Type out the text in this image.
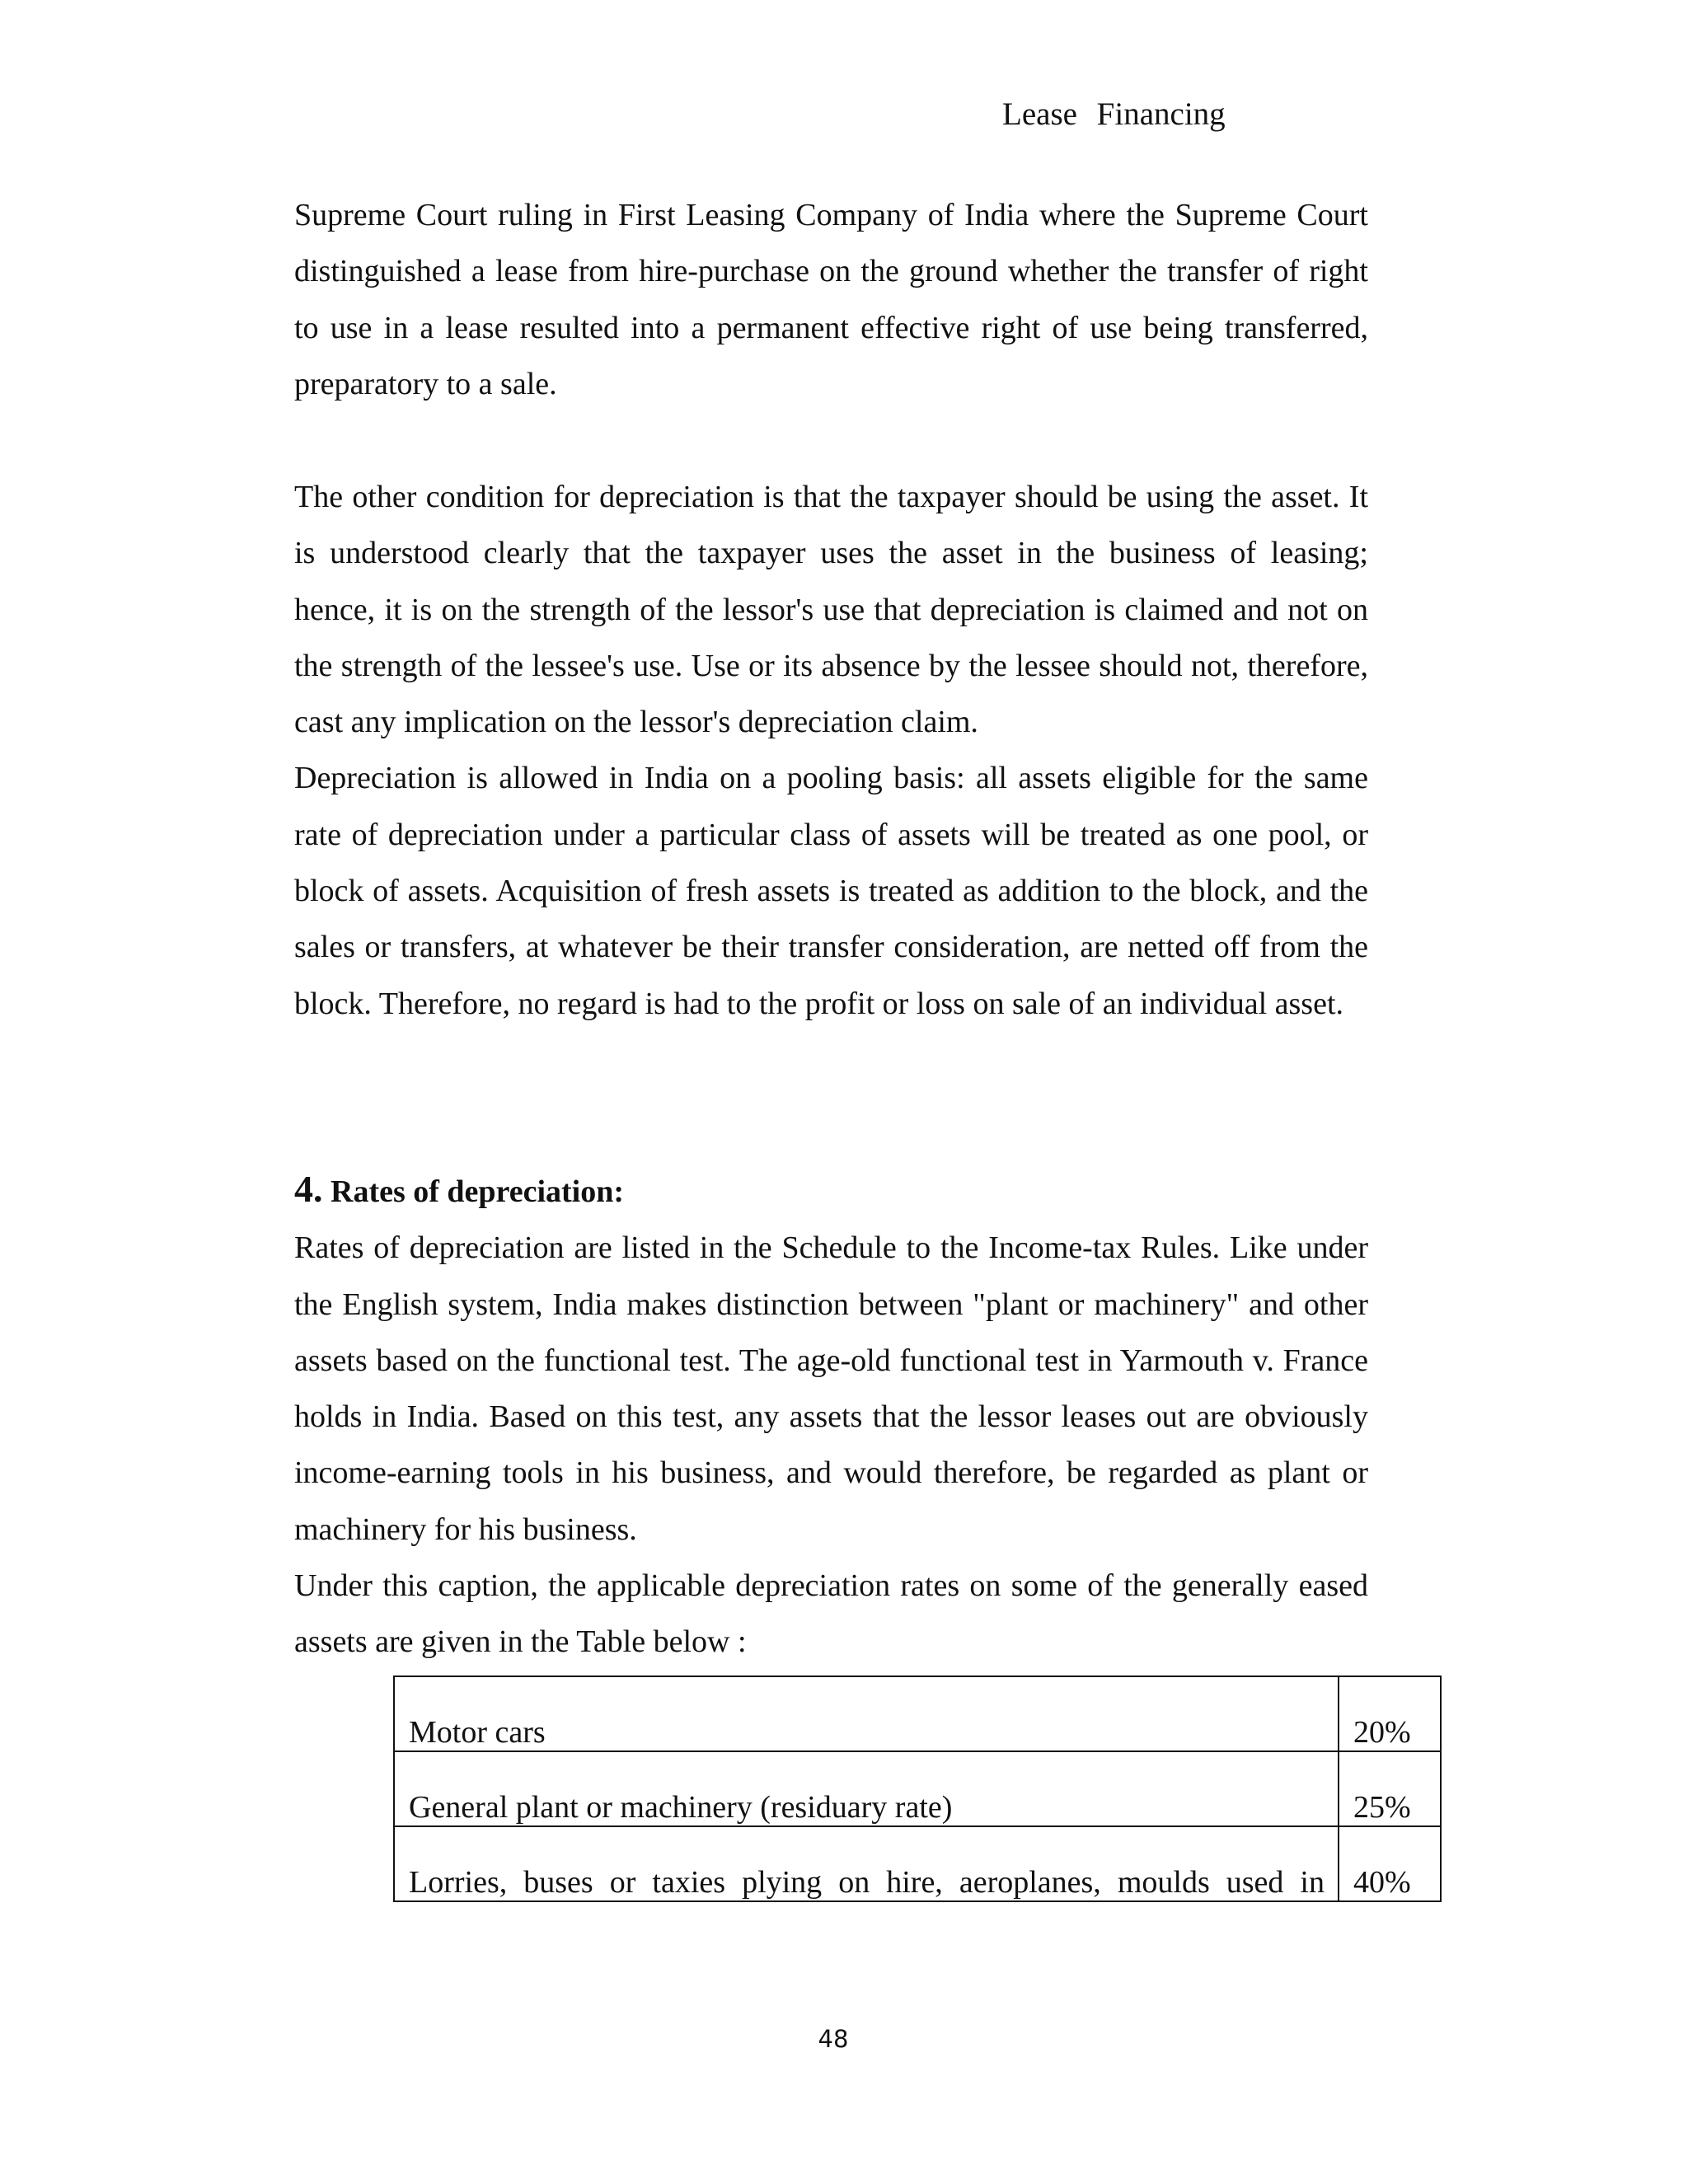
Lease Financing

Supreme Court ruling in First Leasing Company of India where the Supreme Court distinguished a lease from hire-purchase on the ground whether the transfer of right to use in a lease resulted into a permanent effective right of use being transferred, preparatory to a sale.

The other condition for depreciation is that the taxpayer should be using the asset. It is understood clearly that the taxpayer uses the asset in the business of leasing; hence, it is on the strength of the lessor's use that depreciation is claimed and not on the strength of the lessee's use. Use or its absence by the lessee should not, therefore, cast any implication on the lessor's depreciation claim.

Depreciation is allowed in India on a pooling basis: all assets eligible for the same rate of depreciation under a particular class of assets will be treated as one pool, or block of assets. Acquisition of fresh assets is treated as addition to the block, and the sales or transfers, at whatever be their transfer consideration, are netted off from the block. Therefore, no regard is had to the profit or loss on sale of an individual asset.

4. Rates of depreciation:

Rates of depreciation are listed in the Schedule to the Income-tax Rules. Like under the English system, India makes distinction between "plant or machinery" and other assets based on the functional test. The age-old functional test in Yarmouth v. France holds in India. Based on this test, any assets that the lessor leases out are obviously income-earning tools in his business, and would therefore, be regarded as plant or machinery for his business.

Under this caption, the applicable depreciation rates on some of the generally eased assets are given in the Table below :

Motor cars	20%
General plant or machinery (residuary rate)	25%
Lorries, buses or taxies plying on hire, aeroplanes, moulds used in	40%
48
